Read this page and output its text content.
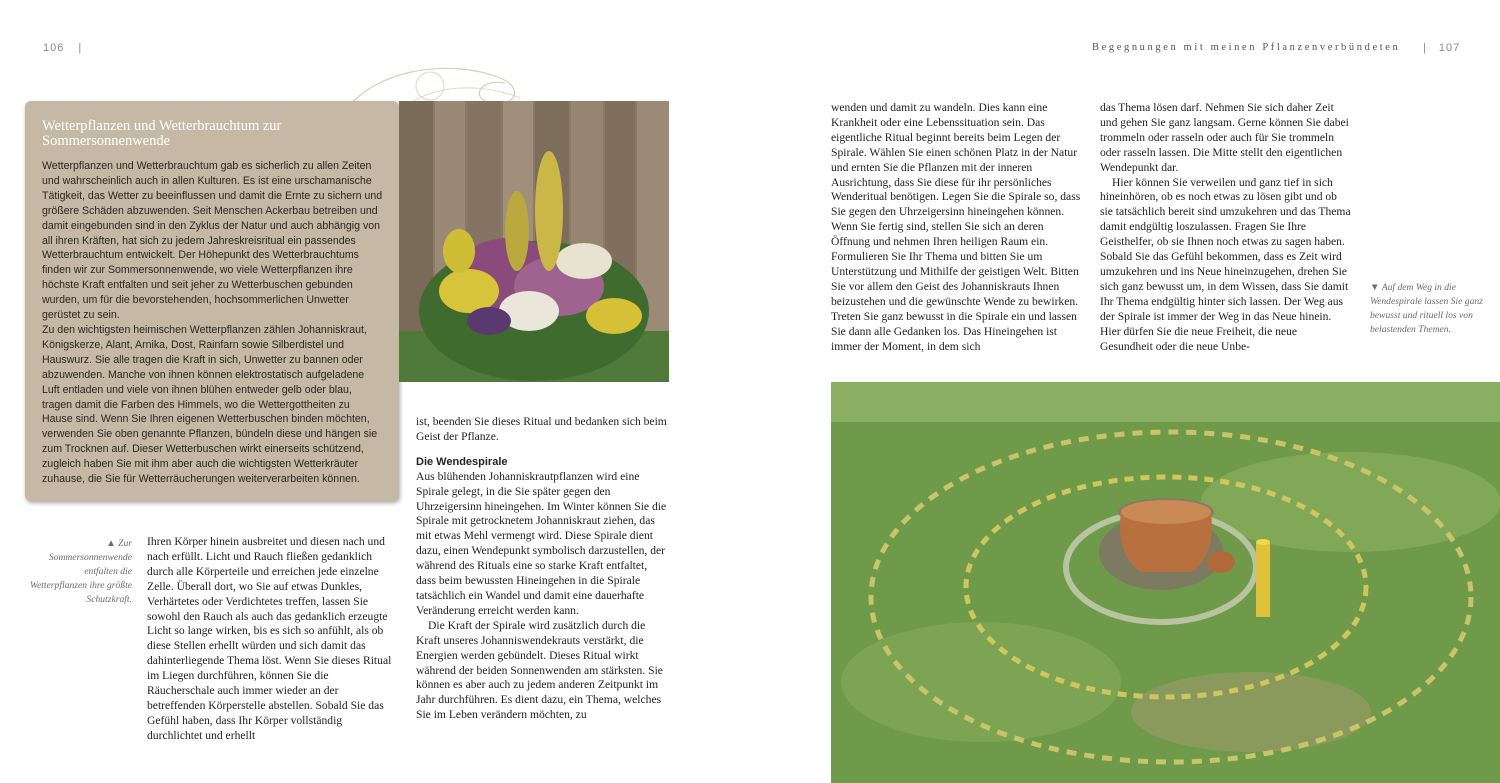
106 |
Wetterpflanzen und Wetterbrauchtum zur Sommersonnenwende

Wetterpflanzen und Wetterbrauchtum gab es sicherlich zu allen Zeiten und wahrscheinlich auch in allen Kulturen. Es ist eine urschamanische Tätigkeit, das Wetter zu beeinflussen und damit die Ernte zu sichern und größere Schäden abzuwenden. Seit Menschen Ackerbau betreiben und damit eingebunden sind in den Zyklus der Natur und auch abhängig von all ihren Kräften, hat sich zu jedem Jahreskreisritual ein passendes Wetterbrauchtum entwickelt. Der Höhepunkt des Wetterbrauchtums finden wir zur Sommersonnenwende, wo viele Wetterpflanzen ihre höchste Kraft entfalten und seit jeher zu Wetterbuschen gebunden wurden, um für die bevorstehenden, hochsommerlichen Unwetter gerüstet zu sein.

Zu den wichtigsten heimischen Wetterpflanzen zählen Johanniskraut, Königskerze, Alant, Arnika, Dost, Rainfarn sowie Silberdistel und Hauswurz. Sie alle tragen die Kraft in sich, Unwetter zu bannen oder abzuwenden. Manche von ihnen können elektrostatisch aufgeladene Luft entladen und viele von ihnen blühen entweder gelb oder blau, tragen damit die Farben des Himmels, wo die Wettergottheiten zu Hause sind. Wenn Sie Ihren eigenen Wetterbuschen binden möchten, verwenden Sie oben genannte Pflanzen, bündeln diese und hängen sie zum Trocknen auf. Dieser Wetterbuschen wirkt einerseits schützend, zugleich haben Sie mit ihm aber auch die wichtigsten Wetterkräuter zuhause, die Sie für Wetterräucherungen weiterverarbeiten können.

▲ Zur Sommersonnenwende entfalten die Wetterpflanzen ihre größte Schutzkraft.

Ihren Körper hinein ausbreitet und diesen nach und nach erfüllt. Licht und Rauch fließen gedanklich durch alle Körperteile und erreichen jede einzelne Zelle. Überall dort, wo Sie auf etwas Dunkles, Verhärtetes oder Verdichtetes treffen, lassen Sie sowohl den Rauch als auch das gedanklich erzeugte Licht so lange wirken, bis es sich so anfühlt, als ob diese Stellen erhellt würden und sich damit das dahinterliegende Thema löst. Wenn Sie dieses Ritual im Liegen durchführen, können Sie die Räucherschale auch immer wieder an der betreffenden Körperstelle abstellen. Sobald Sie das Gefühl haben, dass Ihr Körper vollständig durchlichtet und erhellt

ist, beenden Sie dieses Ritual und bedanken sich beim Geist der Pflanze.

Die Wendespirale

Aus blühenden Johanniskrautpflanzen wird eine Spirale gelegt, in die Sie später gegen den Uhrzeigersinn hineingehen. Im Winter können Sie die Spirale mit getrocknetem Johanniskraut ziehen, das mit etwas Mehl vermengt wird. Diese Spirale dient dazu, einen Wendepunkt symbolisch darzustellen, der während des Rituals eine so starke Kraft entfaltet, dass beim bewussten Hineingehen in die Spirale tatsächlich ein Wandel und damit eine dauerhafte Veränderung erreicht werden kann.

Die Kraft der Spirale wird zusätzlich durch die Kraft unseres Johanniswendekrauts verstärkt, die Energien werden gebündelt. Dieses Ritual wirkt während der beiden Sonnenwenden am stärksten. Sie können es aber auch zu jedem anderen Zeitpunkt im Jahr durchführen. Es dient dazu, ein Thema, welches Sie im Leben verändern möchten, zu

Begegnungen mit meinen Pflanzenverbündeten | 107

wenden und damit zu wandeln. Dies kann eine Krankheit oder eine Lebenssituation sein. Das eigentliche Ritual beginnt bereits beim Legen der Spirale. Wählen Sie einen schönen Platz in der Natur und ernten Sie die Pflanzen mit der inneren Ausrichtung, dass Sie diese für ihr persönliches Wenderitual benötigen. Legen Sie die Spirale so, dass Sie gegen den Uhrzeigersinn hineingehen können. Wenn Sie fertig sind, stellen Sie sich an deren Öffnung und nehmen Ihren heiligen Raum ein. Formulieren Sie Ihr Thema und bitten Sie um Unterstützung und Mithilfe der geistigen Welt. Bitten Sie vor allem den Geist des Johanniskrauts Ihnen beizustehen und die gewünschte Wende zu bewirken. Treten Sie ganz bewusst in die Spirale ein und lassen Sie dann alle Gedanken los. Das Hineingehen ist immer der Moment, in dem sich

das Thema lösen darf. Nehmen Sie sich daher Zeit und gehen Sie ganz langsam. Gerne können Sie dabei trommeln oder rasseln oder auch für Sie trommeln oder rasseln lassen. Die Mitte stellt den eigentlichen Wendepunkt dar.

Hier können Sie verweilen und ganz tief in sich hineinhören, ob es noch etwas zu lösen gibt und ob sie tatsächlich bereit sind umzukehren und das Thema damit endgültig loszulassen. Fragen Sie Ihre Geisthelfer, ob sie Ihnen noch etwas zu sagen haben. Sobald Sie das Gefühl bekommen, dass es Zeit wird umzukehren und ins Neue hineinzugehen, drehen Sie sich ganz bewusst um, in dem Wissen, dass Sie damit Ihr Thema endgültig hinter sich lassen. Der Weg aus der Spirale ist immer der Weg in das Neue hinein. Hier dürfen Sie die neue Freiheit, die neue Gesundheit oder die neue Unbe-

▼ Auf dem Weg in die Wendespirale lassen Sie ganz bewusst und rituell los von belastenden Themen.
